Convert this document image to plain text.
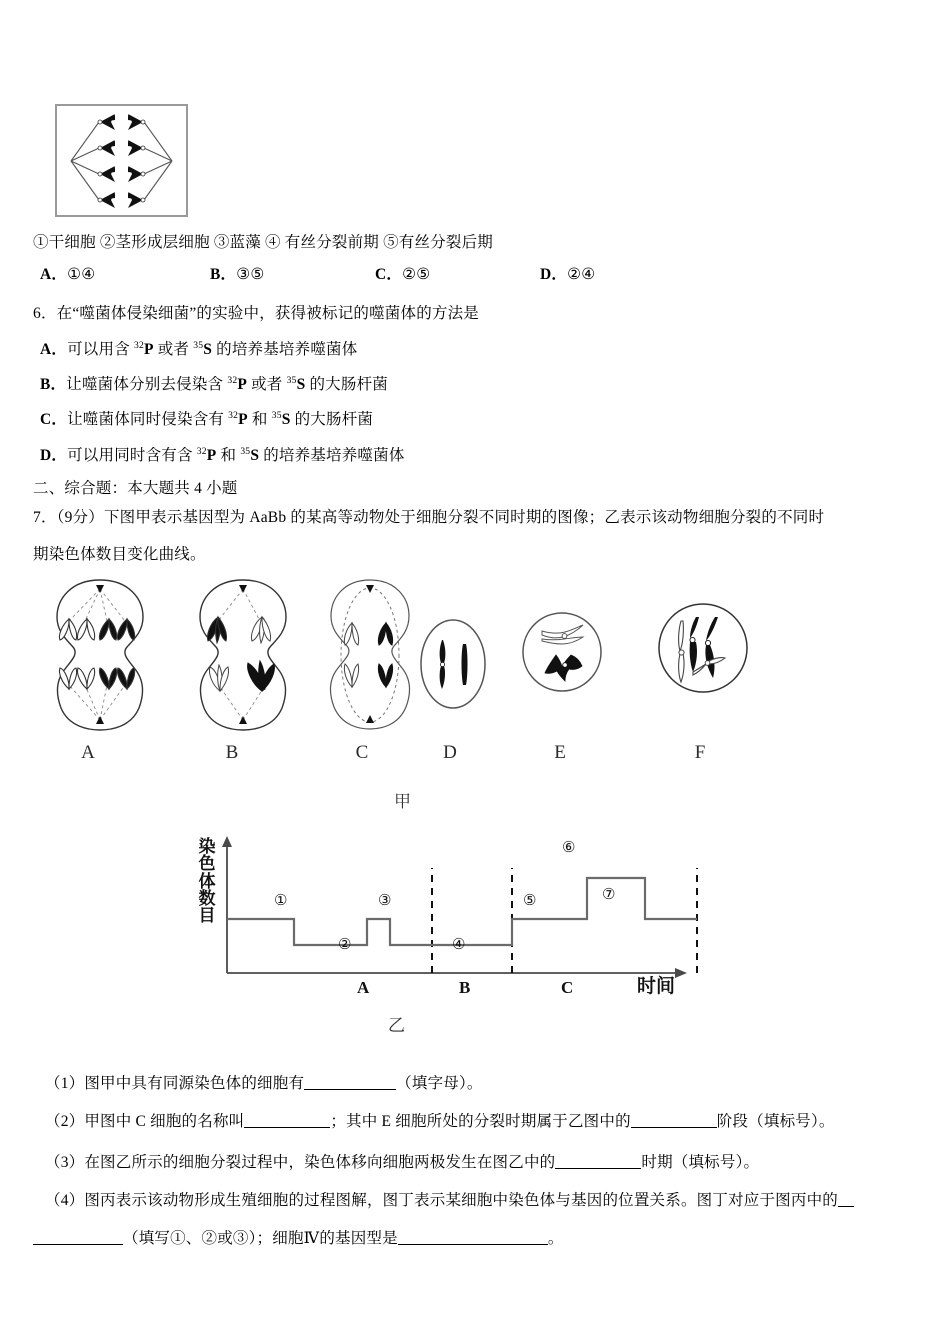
①干细胞 ②茎形成层细胞 ③蓝藻 ④ 有丝分裂前期 ⑤有丝分裂后期
A．①④	B．③⑤	C．②⑤	D．②④
6．在“噬菌体侵染细菌”的实验中，获得被标记的噬菌体的方法是
A．可以用含 $^{32}$P 或者 $^{35}$S 的培养基培养噬菌体
B．让噬菌体分别去侵染含 $^{32}$P 或者 $^{35}$S 的大肠杆菌
C．让噬菌体同时侵染含有 $^{32}$P 和 $^{35}$S 的大肠杆菌
D．可以用同时含有含 $^{32}$P 和 $^{35}$S 的培养基培养噬菌体
二、综合题：本大题共 4 小题
7．（9分）下图甲表示基因型为 AaBb 的某高等动物处于细胞分裂不同时期的图像；乙表示该动物细胞分裂的不同时
期染色体数目变化曲线。
A	B	C	D	E	F
甲
染色体数目
①
②
③
④
⑤
⑥
⑦
A	B	C	时间
乙
（1）图甲中具有同源染色体的细胞有	（填字母）。
（2）甲图中 C 细胞的名称叫	；其中 E 细胞所处的分裂时期属于乙图中的	阶段（填标号）。
（3）在图乙所示的细胞分裂过程中，染色体移向细胞两极发生在图乙中的	时期（填标号）。
（4）图丙表示该动物形成生殖细胞的过程图解，图丁表示某细胞中染色体与基因的位置关系。图丁对应于图丙中的
（填写①、②或③）；细胞Ⅳ的基因型是	。
